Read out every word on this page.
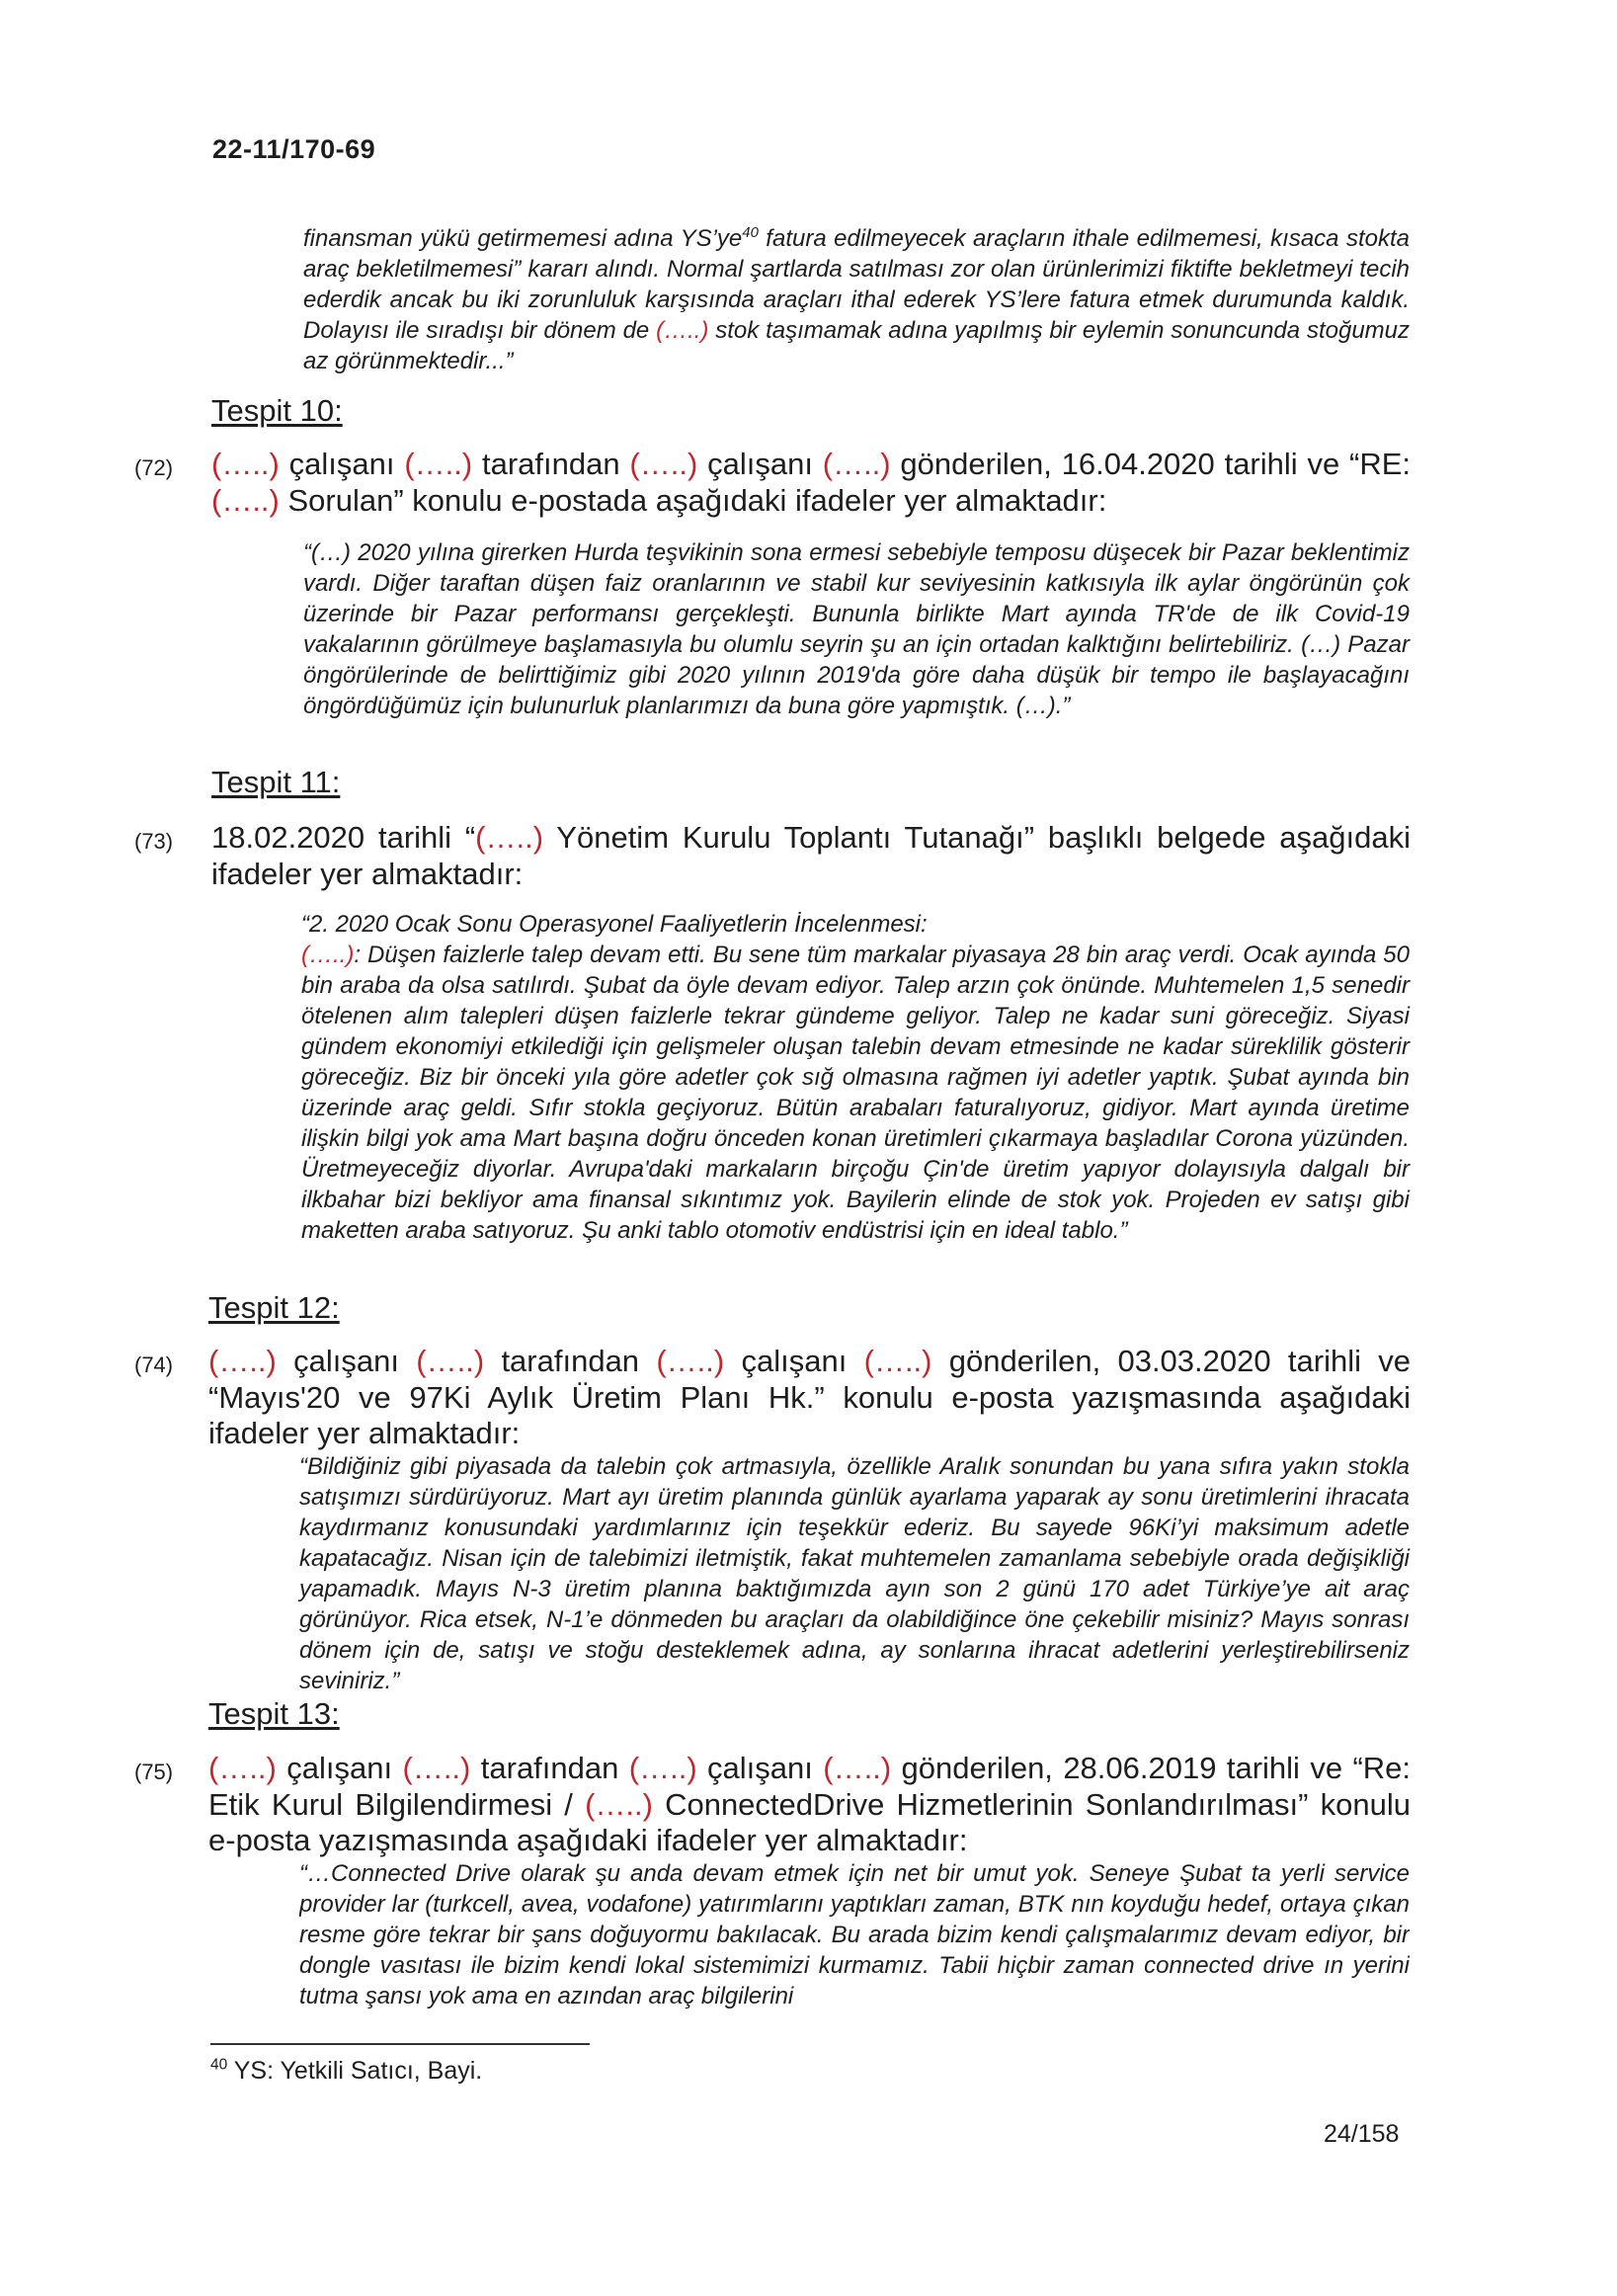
22-11/170-69
finansman yükü getirmemesi adına $YS’ye^{40}$ fatura edilmeyecek araçların ithale edilmemesi, kısaca stokta araç bekletilmemesi” kararı alındı. Normal şartlarda satılması zor olan ürünlerimizi fiktifte bekletmeyi tecih ederdik ancak bu iki zorunluluk karşısında araçları ithal ederek YS’lere fatura etmek durumunda kaldık. Dolayısı ile sıradışı bir dönem de (…..) stok taşımamak adına yapılmış bir eylemin sonuncunda stoğumuz az görünmektedir...”
Tespit 10:
(72) (…..) çalışanı (…..) tarafından (…..) çalışanı (…..) gönderilen, 16.04.2020 tarihli ve “RE: (…..) Sorulan” konulu e-postada aşağıdaki ifadeler yer almaktadır:
“(…) 2020 yılına girerken Hurda teşvikinin sona ermesi sebebiyle temposu düşecek bir Pazar beklentimiz vardı. Diğer taraftan düşen faiz oranlarının ve stabil kur seviyesinin katkısıyla ilk aylar öngörünün çok üzerinde bir Pazar performansı gerçekleşti. Bununla birlikte Mart ayında TR'de de ilk Covid-19 vakalarının görülmeye başlamasıyla bu olumlu seyrin şu an için ortadan kalktığını belirtebiliriz. (…) Pazar öngörülerinde de belirttiğimiz gibi 2020 yılının 2019'da göre daha düşük bir tempo ile başlayacağını öngördüğümüz için bulunurluk planlarımızı da buna göre yapmıştık. (…).”
Tespit 11:
(73) 18.02.2020 tarihli “(…..) Yönetim Kurulu Toplantı Tutanağı” başlıklı belgede aşağıdaki ifadeler yer almaktadır:
“2. 2020 Ocak Sonu Operasyonel Faaliyetlerin İncelenmesi:
(…..): Düşen faizlerle talep devam etti. Bu sene tüm markalar piyasaya 28 bin araç verdi. Ocak ayında 50 bin araba da olsa satılırdı. Şubat da öyle devam ediyor. Talep arzın çok önünde. Muhtemelen 1,5 senedir ötelenen alım talepleri düşen faizlerle tekrar gündeme geliyor. Talep ne kadar suni göreceğiz. Siyasi gündem ekonomiyi etkilediği için gelişmeler oluşan talebin devam etmesinde ne kadar süreklilik gösterir göreceğiz. Biz bir önceki yıla göre adetler çok sığ olmasına rağmen iyi adetler yaptık. Şubat ayında bin üzerinde araç geldi. Sıfır stokla geçiyoruz. Bütün arabaları faturalıyoruz, gidiyor. Mart ayında üretime ilişkin bilgi yok ama Mart başına doğru önceden konan üretimleri çıkarmaya başladılar Corona yüzünden. Üretmeyeceğiz diyorlar. Avrupa'daki markaların birçoğu Çin'de üretim yapıyor dolayısıyla dalgalı bir ilkbahar bizi bekliyor ama finansal sıkıntımız yok. Bayilerin elinde de stok yok. Projeden ev satışı gibi maketten araba satıyoruz. Şu anki tablo otomotiv endüstrisi için en ideal tablo.”
Tespit 12:
(74) (…..) çalışanı (…..) tarafından (…..) çalışanı (…..) gönderilen, 03.03.2020 tarihli ve “Mayıs'20 ve 97Ki Aylık Üretim Planı Hk.” konulu e-posta yazışmasında aşağıdaki ifadeler yer almaktadır:
“Bildiğiniz gibi piyasada da talebin çok artmasıyla, özellikle Aralık sonundan bu yana sıfıra yakın stokla satışımızı sürdürüyoruz. Mart ayı üretim planında günlük ayarlama yaparak ay sonu üretimlerini ihracata kaydırmanız konusundaki yardımlarınız için teşekkür ederiz. Bu sayede 96Ki’yi maksimum adetle kapatacağız. Nisan için de talebimizi iletmiştik, fakat muhtemelen zamanlama sebebiyle orada değişikliği yapamadık. Mayıs N-3 üretim planına baktığımızda ayın son 2 günü 170 adet Türkiye’ye ait araç görünüyor. Rica etsek, N-1’e dönmeden bu araçları da olabildiğince öne çekebilir misiniz? Mayıs sonrası dönem için de, satışı ve stoğu desteklemek adına, ay sonlarına ihracat adetlerini yerleştirebilirseniz seviniriz.”
Tespit 13:
(75) (…..) çalışanı (…..) tarafından (…..) çalışanı (…..) gönderilen, 28.06.2019 tarihli ve “Re: Etik Kurul Bilgilendirmesi / (…..) ConnectedDrive Hizmetlerinin Sonlandırılması” konulu e-posta yazışmasında aşağıdaki ifadeler yer almaktadır:
“…Connected Drive olarak şu anda devam etmek için net bir umut yok. Seneye Şubat ta yerli service provider lar (turkcell, avea, vodafone) yatırımlarını yaptıkları zaman, BTK nın koyduğu hedef, ortaya çıkan resme göre tekrar bir şans doğuyormu bakılacak. Bu arada bizim kendi çalışmalarımız devam ediyor, bir dongle vasıtası ile bizim kendi lokal sistemimizi kurmamız. Tabii hiçbir zaman connected drive ın yerini tutma şansı yok ama en azından araç bilgilerini
$^{40}$ YS: Yetkili Satıcı, Bayi.
24/158
